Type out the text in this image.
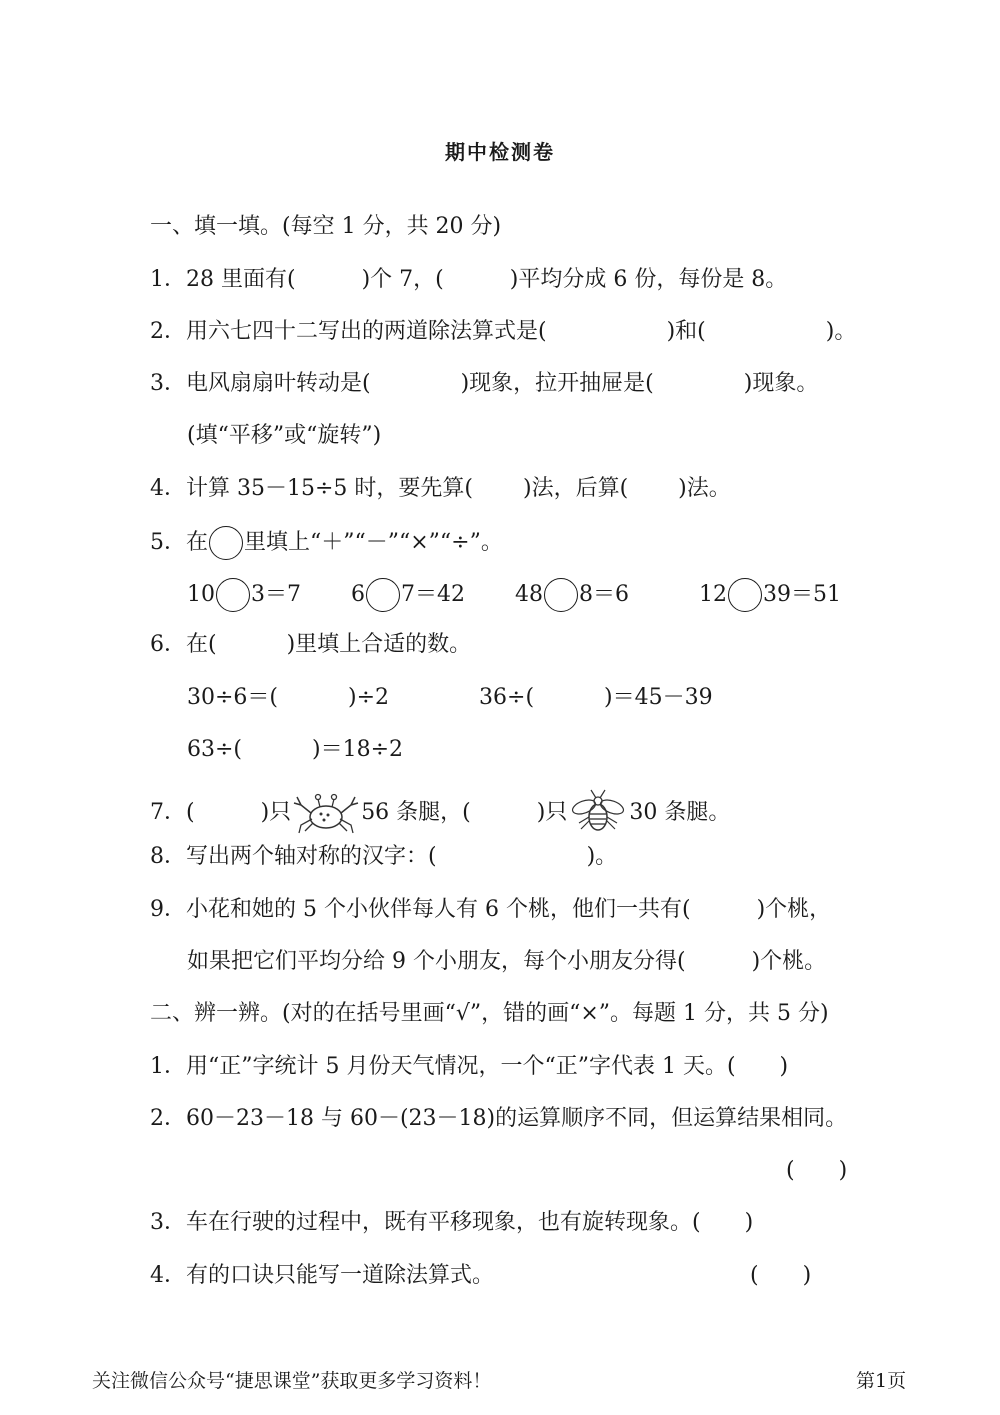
期中检测卷
一、填一填。(每空 1 分，共 20 分)
1．28 里面有(	)个 7，(	)平均分成 6 份，每份是 8。
2．用六七四十二写出的两道除法算式是(	)和(	)。
3．电风扇扇叶转动是(	)现象，拉开抽屉是(	)现象。
(填“平移”或“旋转”)
4．计算 35－15÷5 时，要先算( )法，后算( )法。
5．在 里填上“＋”“－”“×”“÷”。
10 3＝7 6 7＝42 48 8＝6	12 39＝51
6．在(	)里填上合适的数。
30÷6＝(	)÷2	36÷(	)＝45－39
63÷(	)＝18÷2
7．(	)只	56 条腿，(	)只	30 条腿。
8．写出两个轴对称的汉字：(	)。
9．小花和她的 5 个小伙伴每人有 6 个桃，他们一共有(	)个桃，
如果把它们平均分给 9 个小朋友，每个小朋友分得(	)个桃。
二、辨一辨。(对的在括号里画“√”，错的画“×”。每题 1 分，共 5 分)
1．用“正”字统计 5 月份天气情况，一个“正”字代表 1 天。(　　)
2．60－23－18 与 60－(23－18)的运算顺序不同，但运算结果相同。
(　　)
3．车在行驶的过程中，既有平移现象，也有旋转现象。(　　)
4．有的口诀只能写一道除法算式。	(　　)
关注微信公众号“捷思课堂”获取更多学习资料！	第1页
